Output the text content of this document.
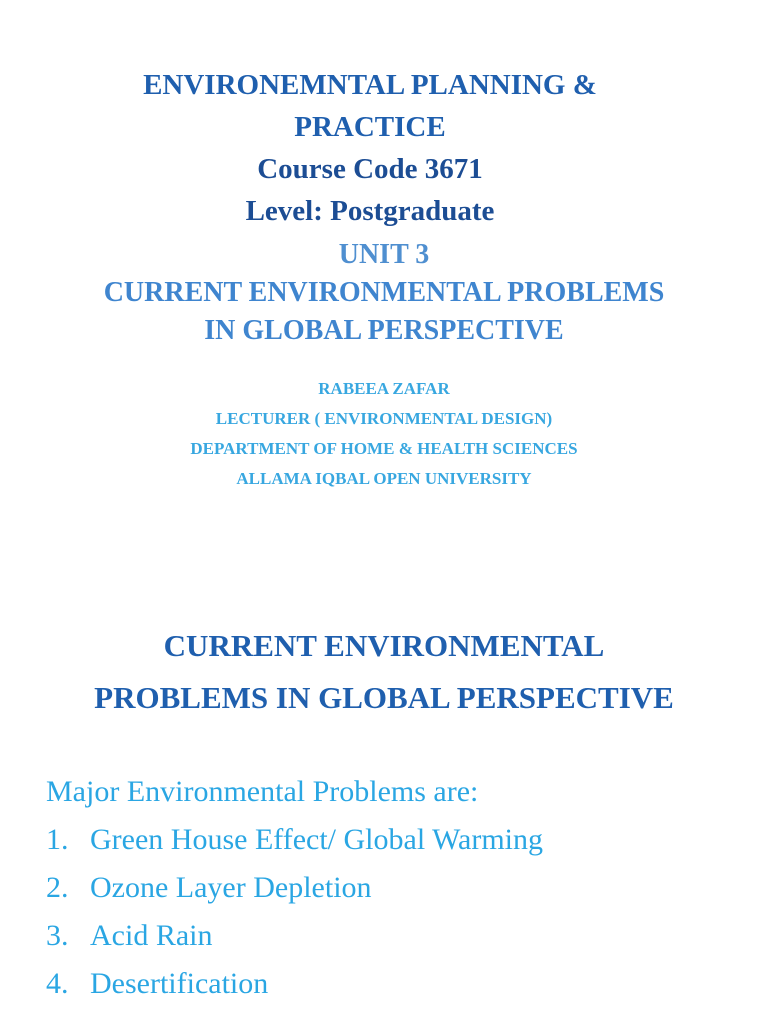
ENVIRONEMNTAL PLANNING &
PRACTICE
Course Code 3671
Level: Postgraduate
UNIT 3
CURRENT ENVIRONMENTAL PROBLEMS
IN GLOBAL PERSPECTIVE
RABEEA ZAFAR
LECTURER ( ENVIRONMENTAL DESIGN)
DEPARTMENT OF HOME & HEALTH SCIENCES
ALLAMA IQBAL OPEN UNIVERSITY
CURRENT ENVIRONMENTAL
PROBLEMS IN GLOBAL PERSPECTIVE
Major Environmental Problems are:
1. Green House Effect/ Global Warming
2. Ozone Layer Depletion
3. Acid Rain
4. Desertification
